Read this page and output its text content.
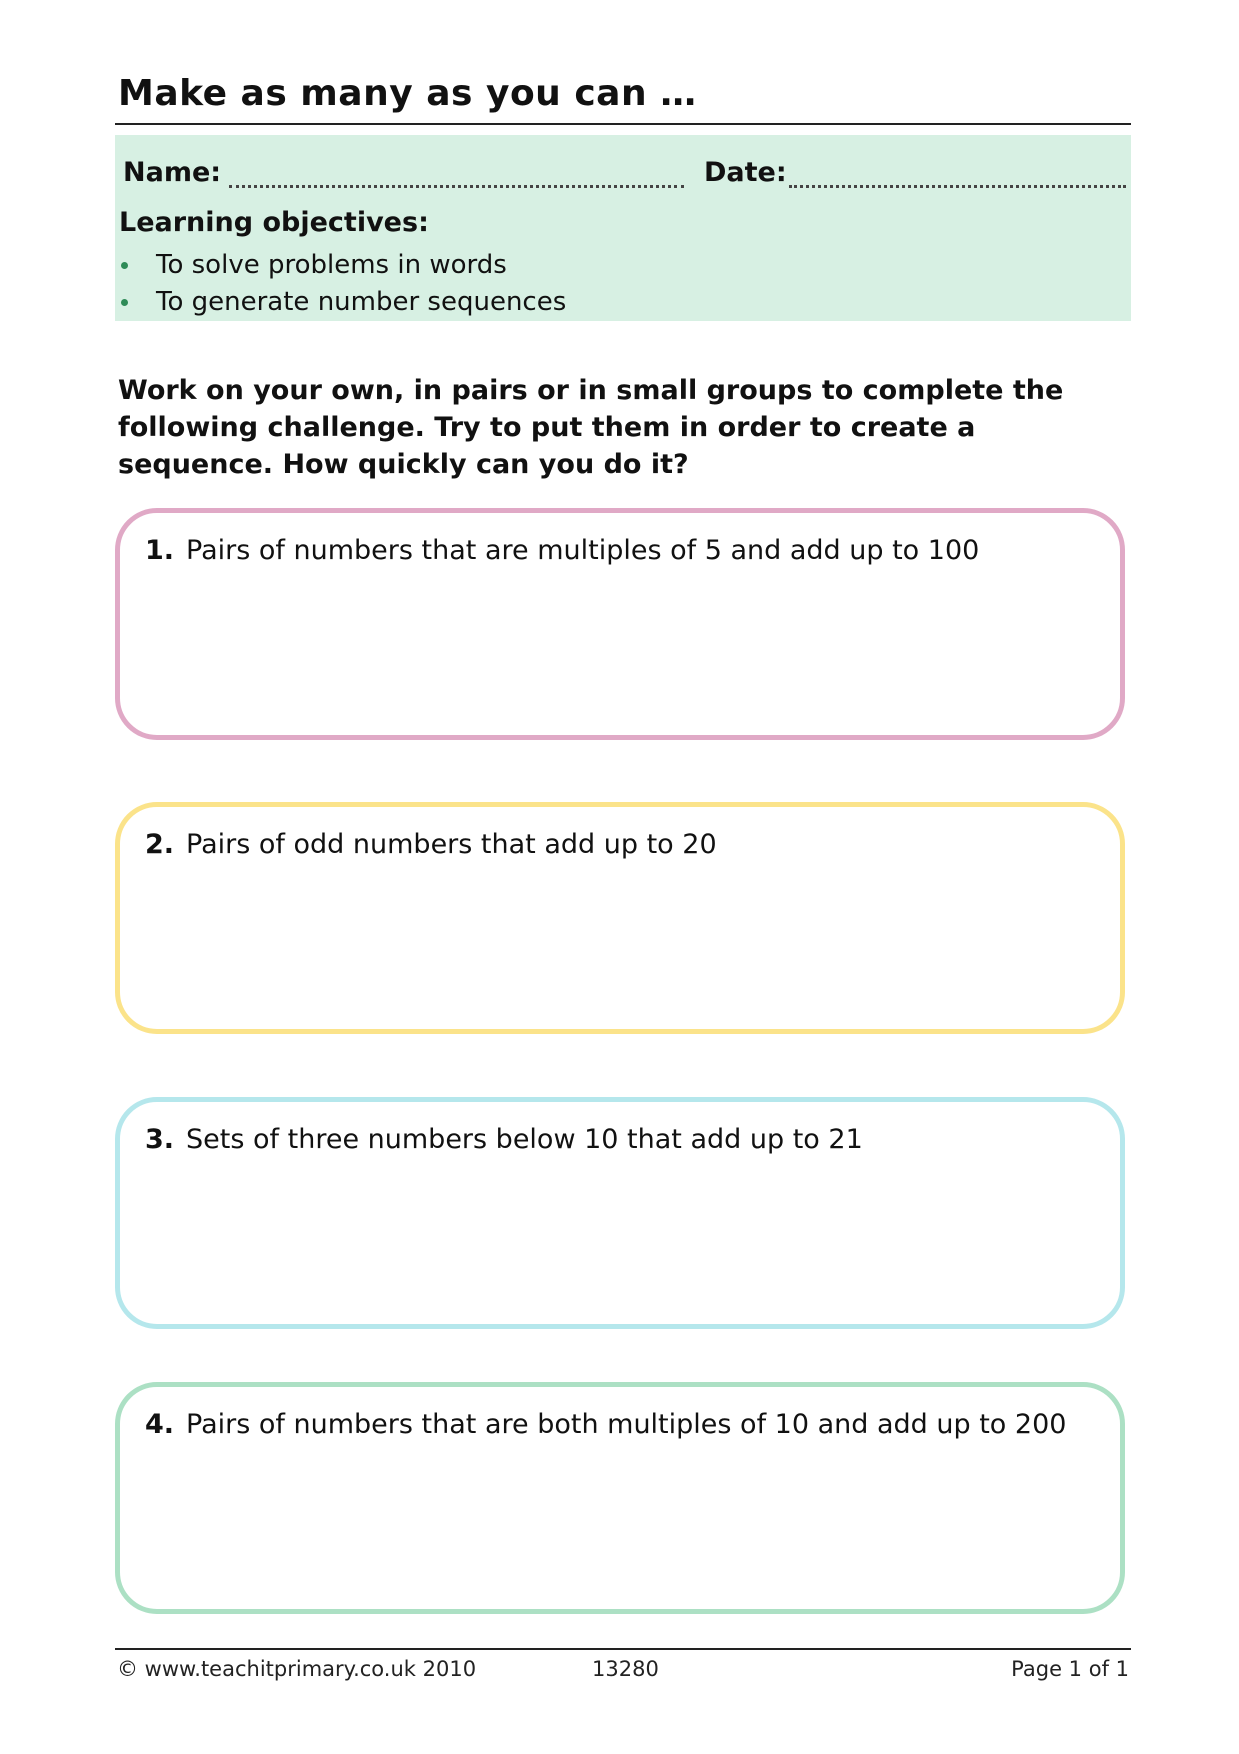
Make as many as you can …
Name:	Date:
Learning objectives:
To solve problems in words
To generate number sequences

Work on your own, in pairs or in small groups to complete the following challenge. Try to put them in order to create a sequence. How quickly can you do it?

1. Pairs of numbers that are multiples of 5 and add up to 100
2. Pairs of odd numbers that add up to 20
3. Sets of three numbers below 10 that add up to 21
4. Pairs of numbers that are both multiples of 10 and add up to 200
© www.teachitprimary.co.uk 2010	13280	Page 1 of 1
